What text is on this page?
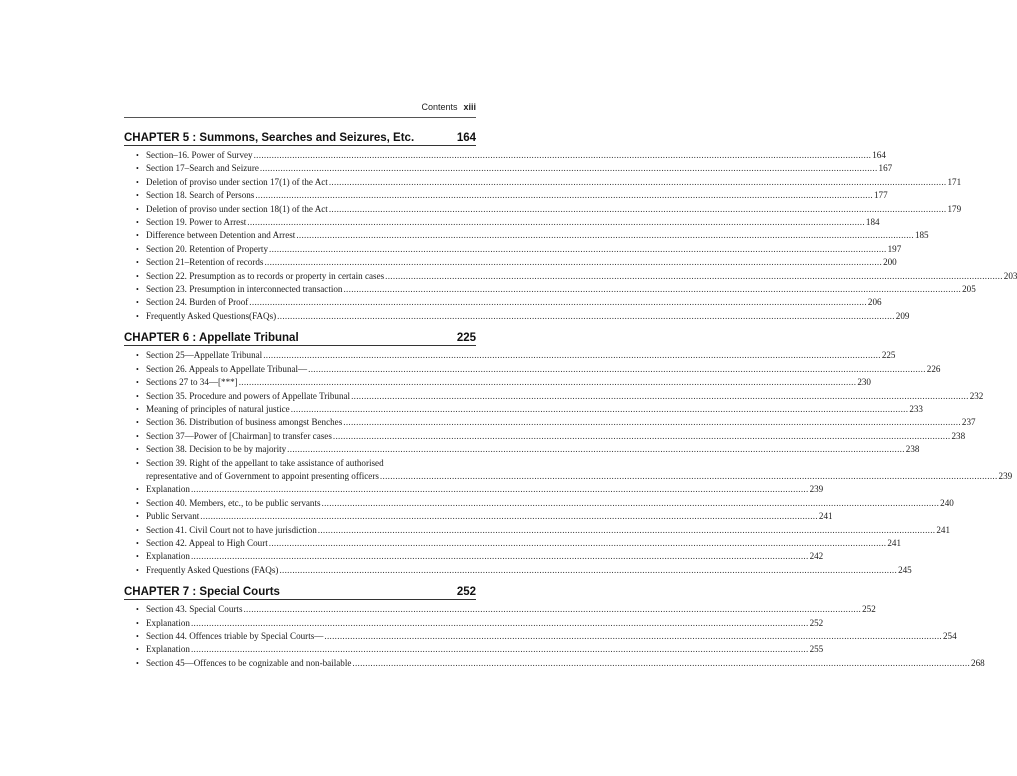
Contents xiii
CHAPTER 5 : Summons, Searches and Seizures, Etc.	164
• Section–16. Power of Survey .....	164
• Section 17–Search and Seizure .....	167
• Deletion of proviso under section 17(1) of the Act .....	171
• Section 18. Search of Persons .....	177
• Deletion of proviso under section 18(1) of the Act .....	179
• Section 19. Power to Arrest .....	184
• Difference between Detention and Arrest .....	185
• Section 20. Retention of Property .....	197
• Section 21–Retention of records .....	200
• Section 22. Presumption as to records or property in certain cases .....	203
• Section 23. Presumption in interconnected transaction .....	205
• Section 24. Burden of Proof .....	206
• Frequently Asked Questions(FAQs) .....	209
CHAPTER 6 : Appellate Tribunal	225
• Section 25—Appellate Tribunal .....	225
• Section 26. Appeals to Appellate Tribunal— .....	226
• Sections 27 to 34—[***] .....	230
• Section 35. Procedure and powers of Appellate Tribunal .....	232
• Meaning of principles of natural justice .....	233
• Section 36. Distribution of business amongst Benches .....	237
• Section 37—Power of [Chairman] to transfer cases .....	238
• Section 38. Decision to be by majority .....	238
• Section 39. Right of the appellant to take assistance of authorised
representative and of Government to appoint presenting officers .....	239
• Explanation .....	239
• Section 40. Members, etc., to be public servants .....	240
• Public Servant .....	241
• Section 41. Civil Court not to have jurisdiction .....	241
• Section 42. Appeal to High Court .....	241
• Explanation .....	242
• Frequently Asked Questions (FAQs) .....	245
CHAPTER 7 : Special Courts	252
• Section 43. Special Courts .....	252
• Explanation .....	252
• Section 44. Offences triable by Special Courts— .....	254
• Explanation .....	255
• Section 45—Offences to be cognizable and non-bailable .....	268
